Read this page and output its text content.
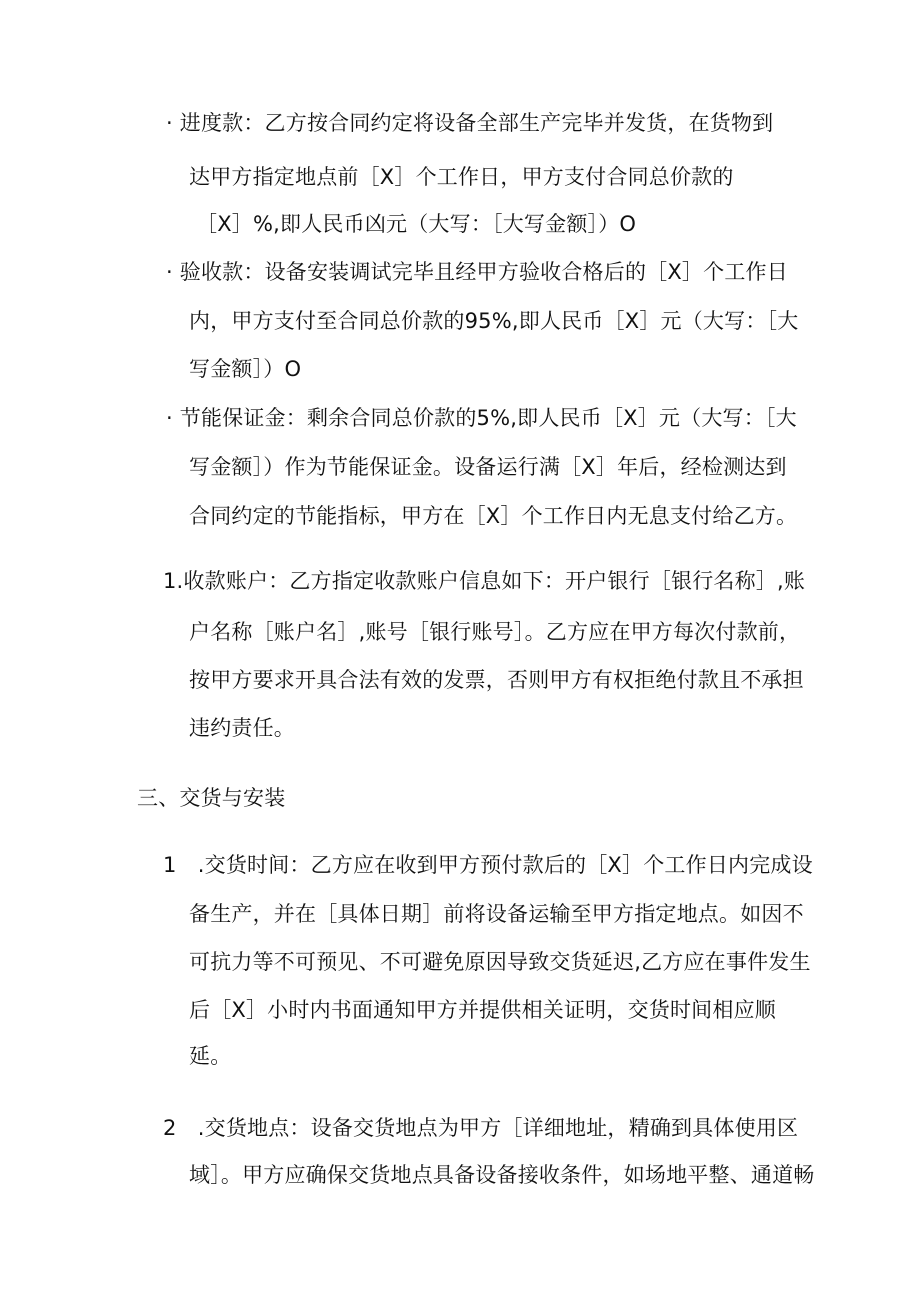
· 进度款：乙方按合同约定将设备全部生产完毕并发货，在货物到
达甲方指定地点前［X］个工作日，甲方支付合同总价款的
［X］%,即人民币凶元（大写：［大写金额］）O
· 验收款：设备安装调试完毕且经甲方验收合格后的［X］个工作日
内，甲方支付至合同总价款的95%,即人民币［X］元（大写：［大
写金额］）O
· 节能保证金：剩余合同总价款的5%,即人民币［X］元（大写：［大
写金额］）作为节能保证金。设备运行满［X］年后，经检测达到
合同约定的节能指标，甲方在［X］个工作日内无息支付给乙方。
1.收款账户：乙方指定收款账户信息如下：开户银行［银行名称］,账
户名称［账户名］,账号［银行账号］。乙方应在甲方每次付款前，
按甲方要求开具合法有效的发票，否则甲方有权拒绝付款且不承担
违约责任。
三、交货与安装
1　.交货时间：乙方应在收到甲方预付款后的［X］个工作日内完成设
备生产，并在［具体日期］前将设备运输至甲方指定地点。如因不
可抗力等不可预见、不可避免原因导致交货延迟,乙方应在事件发生
后［X］小时内书面通知甲方并提供相关证明，交货时间相应顺
延。
2　.交货地点：设备交货地点为甲方［详细地址，精确到具体使用区
域］。甲方应确保交货地点具备设备接收条件，如场地平整、通道畅
